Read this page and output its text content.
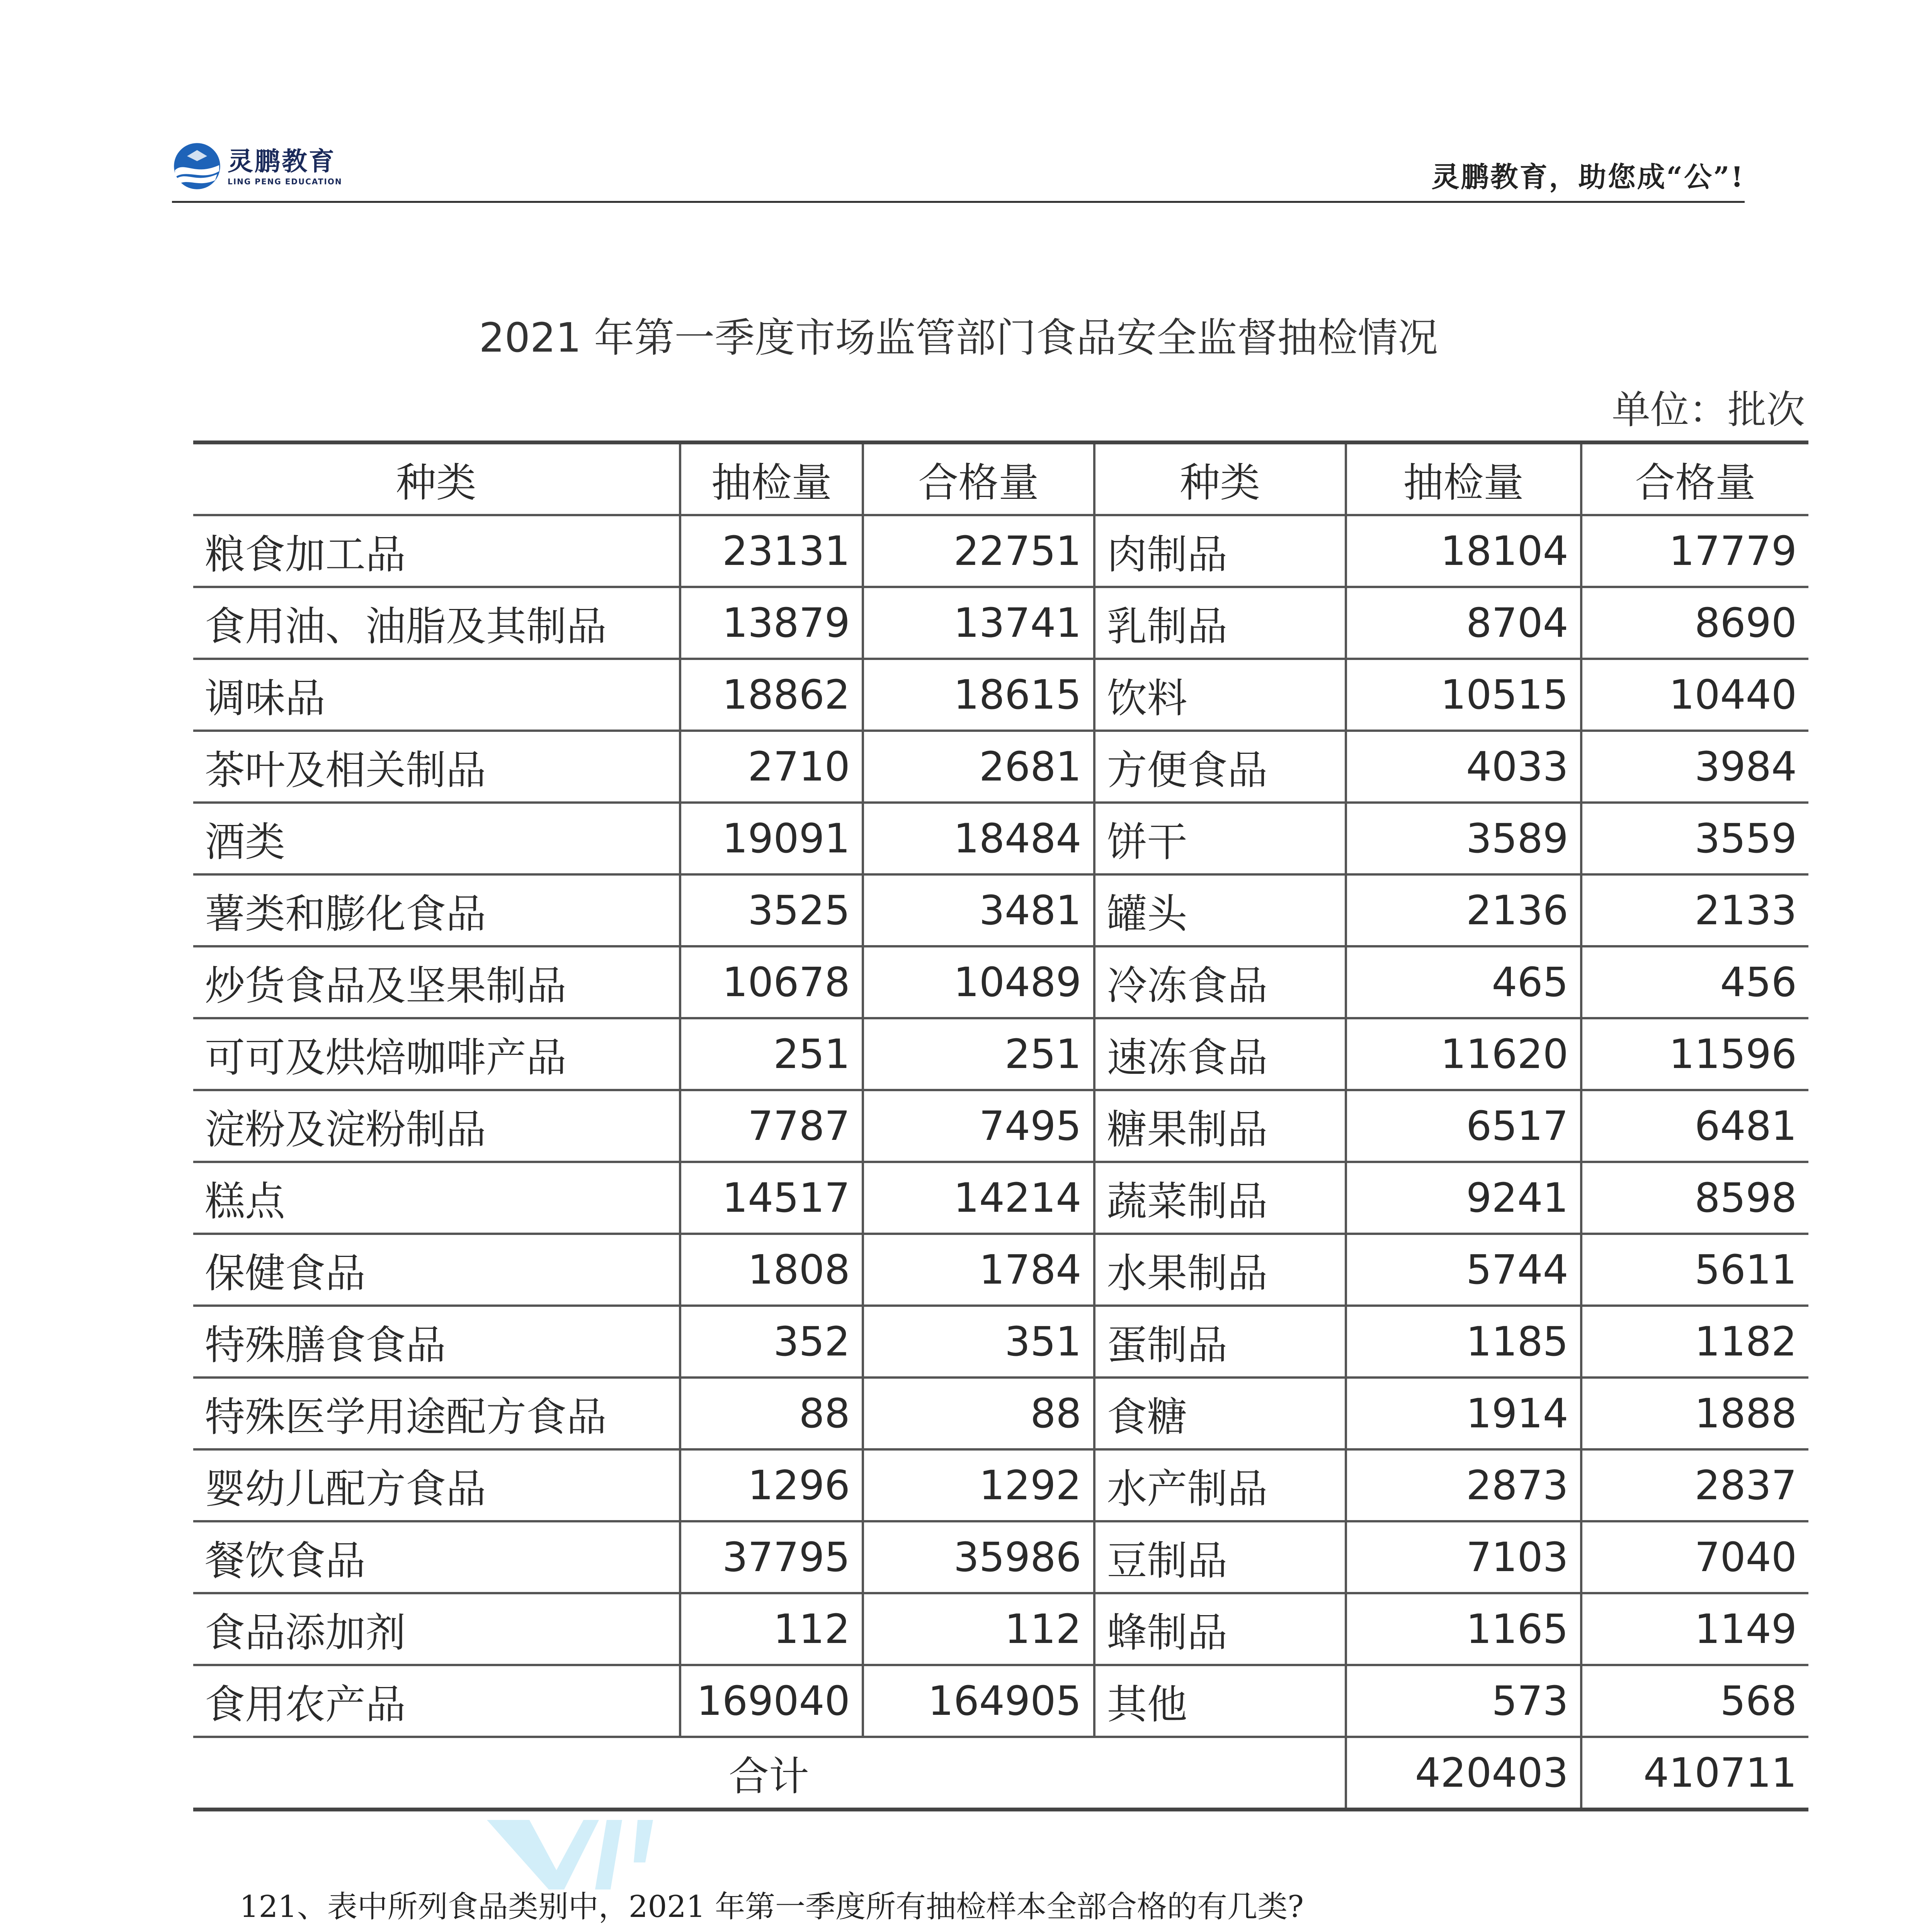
灵鹏教育
LING PENG EDUCATION	灵鹏教育，助您成“公”!
2021 年第一季度市场监管部门食品安全监督抽检情况
单位：批次
种类	抽检量	合格量	种类	抽检量	合格量
粮食加工品	23131	22751	肉制品	18104	17779
食用油、油脂及其制品	13879	13741	乳制品	8704	8690
调味品	18862	18615	饮料	10515	10440
茶叶及相关制品	2710	2681	方便食品	4033	3984
酒类	19091	18484	饼干	3589	3559
薯类和膨化食品	3525	3481	罐头	2136	2133
炒货食品及坚果制品	10678	10489	冷冻食品	465	456
可可及烘焙咖啡产品	251	251	速冻食品	11620	11596
淀粉及淀粉制品	7787	7495	糖果制品	6517	6481
糕点	14517	14214	蔬菜制品	9241	8598
保健食品	1808	1784	水果制品	5744	5611
特殊膳食食品	352	351	蛋制品	1185	1182
特殊医学用途配方食品	88	88	食糖	1914	1888
婴幼儿配方食品	1296	1292	水产制品	2873	2837
餐饮食品	37795	35986	豆制品	7103	7040
食品添加剂	112	112	蜂制品	1165	1149
食用农产品	169040	164905	其他	573	568
合计				420403	410711

121、表中所列食品类别中，2021 年第一季度所有抽检样本全部合格的有几类?
